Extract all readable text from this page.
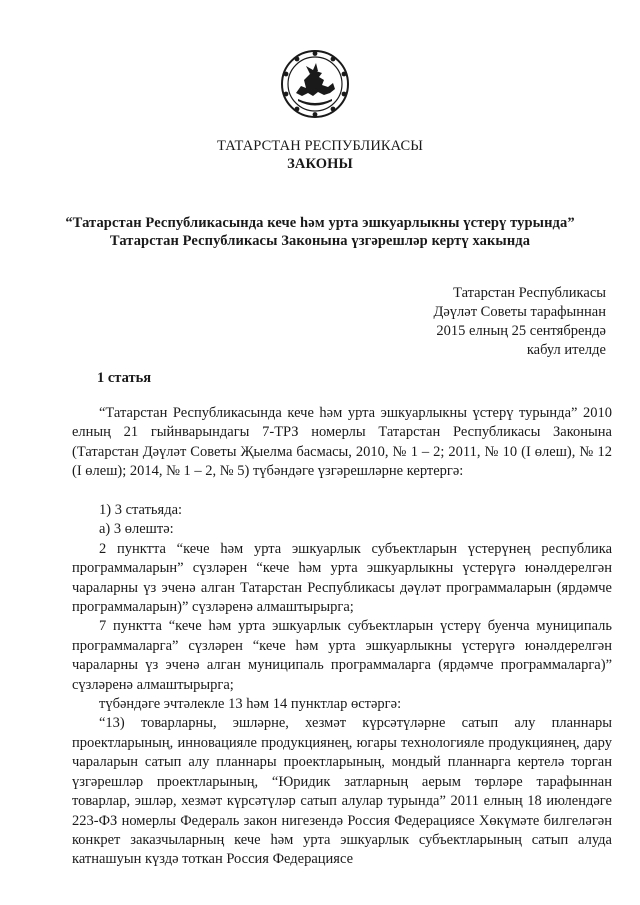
ТАТАРСТАН РЕСПУБЛИКАСЫ
ЗАКОНЫ
“Татарстан Республикасында кече һәм урта эшкуарлыкны үстерү турында”
Татарстан Республикасы Законына үзгәрешләр кертү хакында
Татарстан Республикасы
Дәүләт Советы тарафыннан
2015 елның 25 сентябрендә
кабул ителде
1 статья

“Татарстан Республикасында кече һәм урта эшкуарлыкны үстерү турында” 2010 елның 21 гыйнварындагы 7-ТРЗ номерлы Татарстан Республикасы Законына (Татарстан Дәүләт Советы Җыелма басмасы, 2010, № 1 – 2; 2011, № 10 (I өлеш), № 12 (I өлеш); 2014, № 1 – 2, № 5) түбәндәге үзгәрешләрне кертергә:

1) 3 статьяда:

а) 3 өлештә:

2 пунктта “кече һәм урта эшкуарлык субъектларын үстерүнең республика программаларын” сүзләрен “кече һәм урта эшкуарлыкны үстерүгә юнәлдерелгән чараларны үз эченә алган Татарстан Республикасы дәүләт программаларын (ярдәмче программаларын)” сүзләренә алмаштырырга;

7 пунктта “кече һәм урта эшкуарлык субъектларын үстерү буенча муниципаль программаларга” сүзләрен “кече һәм урта эшкуарлыкны үстерүгә юнәлдерелгән чараларны үз эченә алган муниципаль программаларга (ярдәмче программаларга)” сүзләренә алмаштырырга;

түбәндәге эчтәлекле 13 һәм 14 пунктлар өстәргә:

“13) товарларны, эшләрне, хезмәт күрсәтүләрне сатып алу планнары проектларының, инновацияле продукциянең, югары технологияле продукциянең, дару чараларын сатып алу планнары проектларының, мондый планнарга кертелә торган үзгәрешләр проектларының, “Юридик затларның аерым төрләре тарафыннан товарлар, эшләр, хезмәт күрсәтүләр сатып алулар турында” 2011 елның 18 июлендәге 223-ФЗ номерлы Федераль закон нигезендә Россия Федерациясе Хөкүмәте билгеләгән конкрет заказчыларның кече һәм урта эшкуарлык субъектларының сатып алуда катнашуын күздә тоткан Россия Федерациясе
